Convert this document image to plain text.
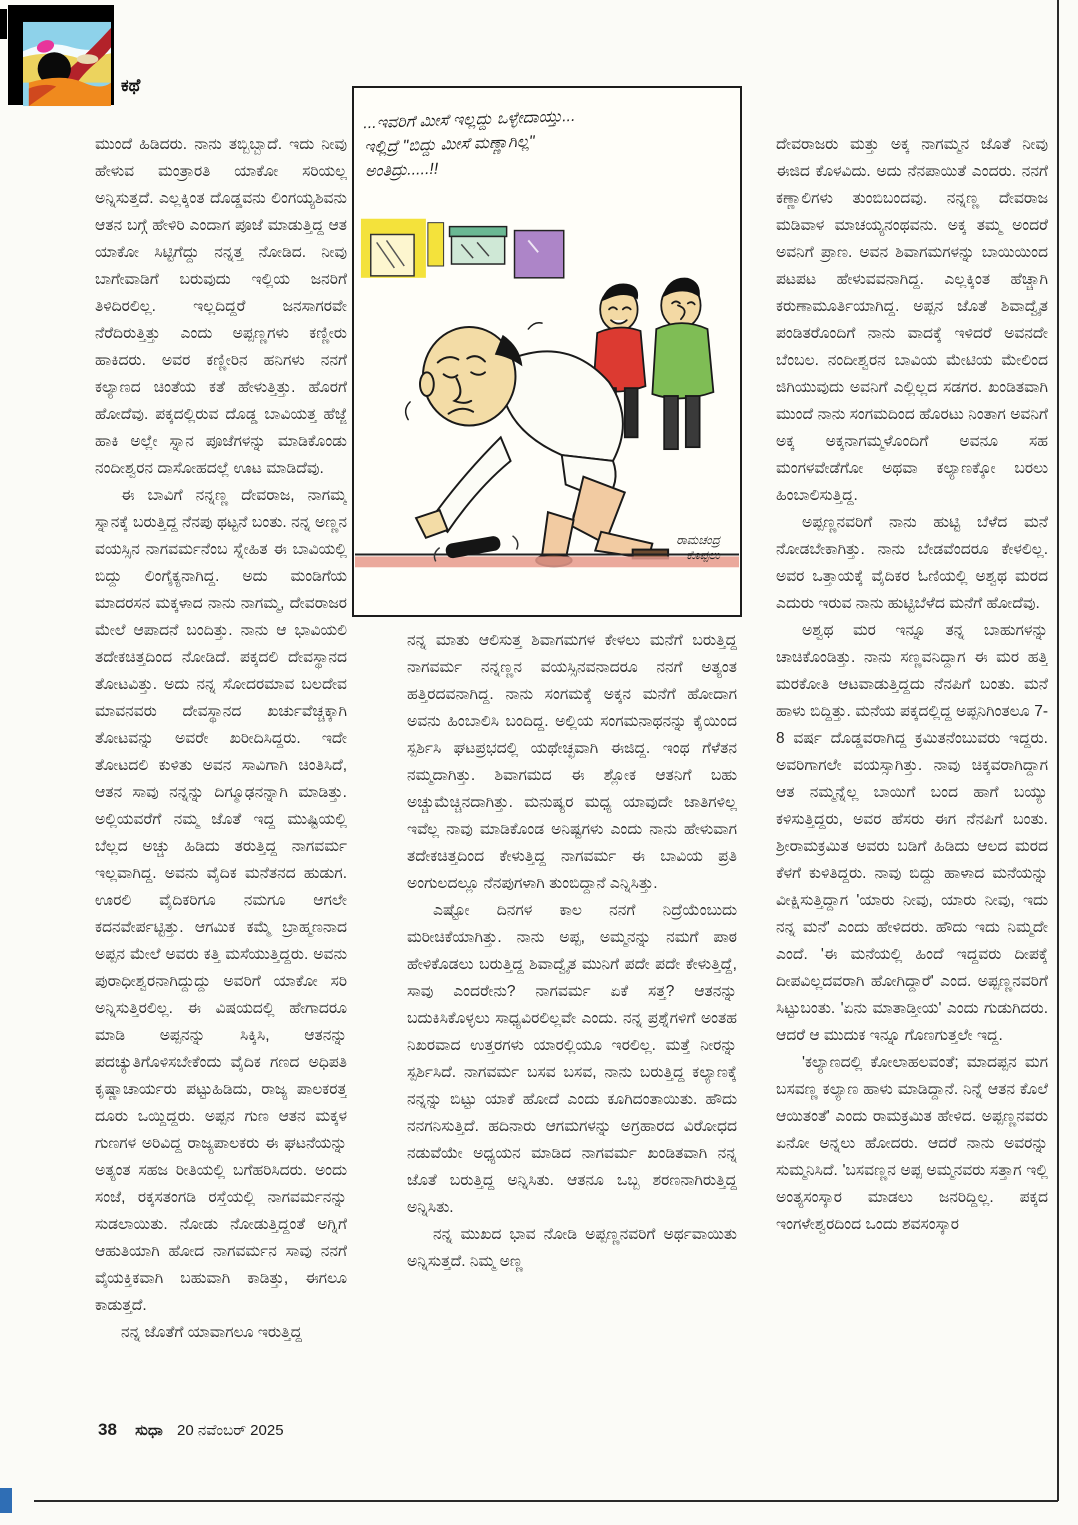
ಕಥೆ
...ಇವರಿಗೆ ಮೀಸೆ ಇಲ್ಲದ್ದು ಒಳ್ಳೇದಾಯ್ತು...
ಇಲ್ಲಿದ್ರೆ "ಬಿದ್ದು ಮೀಸೆ ಮಣ್ಣಾಗಿಲ್ಲ"
ಅಂತಿದ್ರು.....!!
ರಾಮಚಂದ್ರ
ಕೊಪ್ಪಲು

ಮುಂದೆ ಹಿಡಿದರು. ನಾನು ತಬ್ಬಿಬ್ಬಾದೆ. ಇದು ನೀವು ಹೇಳುವ ಮಂತ್ರಾರತಿ ಯಾಕೋ ಸರಿಯಲ್ಲ ಅನ್ನಿಸುತ್ತದೆ. ಎಲ್ಲಕ್ಕಿಂತ ದೊಡ್ಡವನು ಲಿಂಗಯ್ಯಶಿವನು ಆತನ ಬಗ್ಗೆ ಹೇಳಿರಿ ಎಂದಾಗ ಪೂಜೆ ಮಾಡುತ್ತಿದ್ದ ಆತ ಯಾಕೋ ಸಿಟ್ಟಿಗೆದ್ದು ನನ್ನತ್ತ ನೋಡಿದ. ನೀವು ಬಾಗೇವಾಡಿಗೆ ಬರುವುದು ಇಲ್ಲಿಯ ಜನರಿಗೆ ತಿಳಿದಿರಲಿಲ್ಲ. ಇಲ್ಲದಿದ್ದರೆ ಜನಸಾಗರವೇ ನೆರೆದಿರುತ್ತಿತ್ತು ಎಂದು ಅಪ್ಪಣ್ಣಗಳು ಕಣ್ಣೀರು ಹಾಕಿದರು. ಅವರ ಕಣ್ಣೀರಿನ ಹನಿಗಳು ನನಗೆ ಕಲ್ಯಾಣದ ಚಿಂತೆಯ ಕತೆ ಹೇಳುತ್ತಿತ್ತು. ಹೊರಗೆ ಹೋದೆವು. ಪಕ್ಕದಲ್ಲಿರುವ ದೊಡ್ಡ ಬಾವಿಯತ್ತ ಹೆಜ್ಜೆ ಹಾಕಿ ಅಲ್ಲೇ ಸ್ನಾನ ಪೂಜೆಗಳನ್ನು ಮಾಡಿಕೊಂಡು ನಂದೀಶ್ವರನ ದಾಸೋಹದಲ್ಲೆ ಊಟ ಮಾಡಿದೆವು.

ಈ ಬಾವಿಗೆ ನನ್ನಣ್ಣ ದೇವರಾಜ, ನಾಗಮ್ಮ ಸ್ನಾನಕ್ಕೆ ಬರುತ್ತಿದ್ದ ನೆನಪು ಥಟ್ಟನೆ ಬಂತು. ನನ್ನ ಅಣ್ಣನ ವಯಸ್ಸಿನ ನಾಗವರ್ಮನೆಂಬ ಸ್ನೇಹಿತ ಈ ಬಾವಿಯಲ್ಲಿ ಬಿದ್ದು ಲಿಂಗೈಕ್ಯನಾಗಿದ್ದ. ಅದು ಮಂಡಿಗೆಯ ಮಾದರಸನ ಮಕ್ಕಳಾದ ನಾನು ನಾಗಮ್ಮ, ದೇವರಾಜರ ಮೇಲೆ ಆಪಾದನೆ ಬಂದಿತ್ತು. ನಾನು ಆ ಭಾವಿಯಲಿ ತದೇಕಚಿತ್ತದಿಂದ ನೋಡಿದೆ. ಪಕ್ಕದಲಿ ದೇವಸ್ಥಾನದ ತೋಟವಿತ್ತು. ಅದು ನನ್ನ ಸೋದರಮಾವ ಬಲದೇವ ಮಾವನವರು ದೇವಸ್ಥಾನದ ಖರ್ಚುವೆಚ್ಚಕ್ಕಾಗಿ ತೋಟವನ್ನು ಅವರೇ ಖರೀದಿಸಿದ್ದರು. ಇದೇ ತೋಟದಲಿ ಕುಳಿತು ಅವನ ಸಾವಿಗಾಗಿ ಚಿಂತಿಸಿದೆ, ಆತನ ಸಾವು ನನ್ನನ್ನು ದಿಗ್ಮೂಢನನ್ನಾಗಿ ಮಾಡಿತ್ತು. ಅಲ್ಲಿಯವರೆಗೆ ನಮ್ಮ ಜೊತೆ ಇದ್ದ ಮುಷ್ಟಿಯಲ್ಲಿ ಬೆಲ್ಲದ ಅಚ್ಚು ಹಿಡಿದು ತರುತ್ತಿದ್ದ ನಾಗವರ್ಮ ಇಲ್ಲವಾಗಿದ್ದ. ಅವನು ವೈದಿಕ ಮನೆತನದ ಹುಡುಗ. ಊರಲಿ ವೈದಿಕರಿಗೂ ನಮಗೂ ಆಗಲೇ ಕದನವೇರ್ಪಟ್ಟಿತ್ತು. ಆಗಮಿಕ ಕಮ್ಮೆ ಬ್ರಾಹ್ಮಣನಾದ ಅಪ್ಪನ ಮೇಲೆ ಅವರು ಕತ್ತಿ ಮಸೆಯುತ್ತಿದ್ದರು. ಅವನು ಪುರಾಧೀಶ್ವರನಾಗಿದ್ದುದ್ದು ಅವರಿಗೆ ಯಾಕೋ ಸರಿ ಅನ್ನಿಸುತ್ತಿರಲಿಲ್ಲ. ಈ ವಿಷಯದಲ್ಲಿ ಹೇಗಾದರೂ ಮಾಡಿ ಅಪ್ಪನನ್ನು ಸಿಕ್ಕಿಸಿ, ಆತನನ್ನು ಪದಚ್ಯುತಿಗೊಳಿಸಬೇಕೆಂದು ವೈದಿಕ ಗಣದ ಅಧಿಪತಿ ಕೃಷ್ಣಾಚಾರ್ಯರು ಪಟ್ಟುಹಿಡಿದು, ರಾಜ್ಯ ಪಾಲಕರತ್ತ ದೂರು ಒಯ್ದಿದ್ದರು. ಅಪ್ಪನ ಗುಣ ಆತನ ಮಕ್ಕಳ ಗುಣಗಳ ಅರಿವಿದ್ದ ರಾಜ್ಯಪಾಲಕರು ಈ ಘಟನೆಯನ್ನು ಅತ್ಯಂತ ಸಹಜ ರೀತಿಯಲ್ಲಿ ಬಗೆಹರಿಸಿದರು. ಅಂದು ಸಂಜೆ, ರಕ್ಕಸತಂಗಡಿ ರಸ್ತೆಯಲ್ಲಿ ನಾಗವರ್ಮನನ್ನು ಸುಡಲಾಯಿತು. ನೋಡು ನೋಡುತ್ತಿದ್ದಂತೆ ಅಗ್ನಿಗೆ ಆಹುತಿಯಾಗಿ ಹೋದ ನಾಗವರ್ಮನ ಸಾವು ನನಗೆ ವೈಯಕ್ತಿಕವಾಗಿ ಬಹುವಾಗಿ ಕಾಡಿತ್ತು, ಈಗಲೂ ಕಾಡುತ್ತದೆ.

ನನ್ನ ಜೊತೆಗೆ ಯಾವಾಗಲೂ ಇರುತ್ತಿದ್ದ

ನನ್ನ ಮಾತು ಆಲಿಸುತ್ತ ಶಿವಾಗಮಗಳ ಕೇಳಲು ಮನೆಗೆ ಬರುತ್ತಿದ್ದ ನಾಗವರ್ಮ ನನ್ನಣ್ಣನ ವಯಸ್ಸಿನವನಾದರೂ ನನಗೆ ಅತ್ಯಂತ ಹತ್ತಿರದವನಾಗಿದ್ದ. ನಾನು ಸಂಗಮಕ್ಕೆ ಅಕ್ಕನ ಮನೆಗೆ ಹೋದಾಗ ಅವನು ಹಿಂಬಾಲಿಸಿ ಬಂದಿದ್ದ. ಅಲ್ಲಿಯ ಸಂಗಮನಾಥನನ್ನು ಕೈಯಿಂದ ಸ್ಪರ್ಶಿಸಿ ಘಟಪ್ರಭದಲ್ಲಿ ಯಥೇಚ್ಛವಾಗಿ ಈಜಿದ್ದ. ಇಂಥ ಗೆಳೆತನ ನಮ್ಮದಾಗಿತ್ತು. ಶಿವಾಗಮದ ಈ ಶ್ಲೋಕ ಆತನಿಗೆ ಬಹು ಅಚ್ಚುಮೆಚ್ಚಿನದಾಗಿತ್ತು. ಮನುಷ್ಯರ ಮಧ್ಯ ಯಾವುದೇ ಜಾತಿಗಳಿಲ್ಲ ಇವೆಲ್ಲ ನಾವು ಮಾಡಿಕೊಂಡ ಅನಿಷ್ಟಗಳು ಎಂದು ನಾನು ಹೇಳುವಾಗ ತದೇಕಚಿತ್ತದಿಂದ ಕೇಳುತ್ತಿದ್ದ ನಾಗವರ್ಮ ಈ ಬಾವಿಯ ಪ್ರತಿ ಅಂಗುಲದಲ್ಲೂ ನೆನಪುಗಳಾಗಿ ತುಂಬಿದ್ದಾನೆ ಎನ್ನಿಸಿತ್ತು.

ಎಷ್ಟೋ ದಿನಗಳ ಕಾಲ ನನಗೆ ನಿದ್ರೆಯೆಂಬುದು ಮರೀಚಿಕೆಯಾಗಿತ್ತು. ನಾನು ಅಪ್ಪ, ಅಮ್ಮನನ್ನು ನಮಗೆ ಪಾಠ ಹೇಳಿಕೊಡಲು ಬರುತ್ತಿದ್ದ ಶಿವಾದ್ವೈತ ಮುನಿಗೆ ಪದೇ ಪದೇ ಕೇಳುತ್ತಿದ್ದೆ, ಸಾವು ಎಂದರೇನು? ನಾಗವರ್ಮ ಏಕೆ ಸತ್ತ? ಆತನನ್ನು ಬದುಕಿಸಿಕೊಳ್ಳಲು ಸಾಧ್ಯವಿರಲಿಲ್ಲವೇ ಎಂದು. ನನ್ನ ಪ್ರಶ್ನೆಗಳಿಗೆ ಅಂತಹ ನಿಖರವಾದ ಉತ್ತರಗಳು ಯಾರಲ್ಲಿಯೂ ಇರಲಿಲ್ಲ. ಮತ್ತೆ ನೀರನ್ನು ಸ್ಪರ್ಶಿಸಿದೆ. ನಾಗವರ್ಮ ಬಸವ ಬಸವ, ನಾನು ಬರುತ್ತಿದ್ದ ಕಲ್ಯಾಣಕ್ಕೆ ನನ್ನನ್ನು ಬಿಟ್ಟು ಯಾಕೆ ಹೋದೆ ಎಂದು ಕೂಗಿದಂತಾಯಿತು. ಹೌದು ನನಗನಿಸುತ್ತಿದೆ. ಹದಿನಾರು ಆಗಮಗಳನ್ನು ಅಗ್ರಹಾರದ ವಿರೋಧದ ನಡುವೆಯೇ ಅಧ್ಯಯನ ಮಾಡಿದ ನಾಗವರ್ಮ ಖಂಡಿತವಾಗಿ ನನ್ನ ಜೊತೆ ಬರುತ್ತಿದ್ದ ಅನ್ನಿಸಿತು. ಆತನೂ ಒಬ್ಬ ಶರಣನಾಗಿರುತ್ತಿದ್ದ ಅನ್ನಿಸಿತು.

ನನ್ನ ಮುಖದ ಭಾವ ನೋಡಿ ಅಪ್ಪಣ್ಣನವರಿಗೆ ಅರ್ಥವಾಯಿತು ಅನ್ನಿಸುತ್ತದೆ. ನಿಮ್ಮ ಅಣ್ಣ

ದೇವರಾಜರು ಮತ್ತು ಅಕ್ಕ ನಾಗಮ್ಮನ ಜೊತೆ ನೀವು ಈಜಿದ ಕೊಳವಿದು. ಅದು ನೆನಪಾಯಿತೆ ಎಂದರು. ನನಗೆ ಕಣ್ಣಾಲಿಗಳು ತುಂಬಿಬಂದವು. ನನ್ನಣ್ಣ ದೇವರಾಜ ಮಡಿವಾಳ ಮಾಚಯ್ಯನಂಥವನು. ಅಕ್ಕ ತಮ್ಮ ಅಂದರೆ ಅವನಿಗೆ ಪ್ರಾಣ. ಅವನ ಶಿವಾಗಮಗಳನ್ನು ಬಾಯಿಯಿಂದ ಪಟಪಟ ಹೇಳುವವನಾಗಿದ್ದ. ಎಲ್ಲಕ್ಕಿಂತ ಹೆಚ್ಚಾಗಿ ಕರುಣಾಮೂರ್ತಿಯಾಗಿದ್ದ. ಅಪ್ಪನ ಜೊತೆ ಶಿವಾದ್ವೈತ ಪಂಡಿತರೊಂದಿಗೆ ನಾನು ವಾದಕ್ಕೆ ಇಳಿದರೆ ಅವನದೇ ಬೆಂಬಲ. ನಂದೀಶ್ವರನ ಬಾವಿಯ ಮೇಟಿಯ ಮೇಲಿಂದ ಜಿಗಿಯುವುದು ಅವನಿಗೆ ಎಲ್ಲಿಲ್ಲದ ಸಡಗರ. ಖಂಡಿತವಾಗಿ ಮುಂದೆ ನಾನು ಸಂಗಮದಿಂದ ಹೊರಟು ನಿಂತಾಗ ಅವನಿಗೆ ಅಕ್ಕ ಅಕ್ಕನಾಗಮ್ಮಳೊಂದಿಗೆ ಅವನೂ ಸಹ ಮಂಗಳವೇಡೆಗೋ ಅಥವಾ ಕಲ್ಯಾಣಕ್ಕೋ ಬರಲು ಹಿಂಬಾಲಿಸುತ್ತಿದ್ದ.

ಅಪ್ಪಣ್ಣನವರಿಗೆ ನಾನು ಹುಟ್ಟಿ ಬೆಳೆದ ಮನೆ ನೋಡಬೇಕಾಗಿತ್ತು. ನಾನು ಬೇಡವೆಂದರೂ ಕೇಳಲಿಲ್ಲ. ಅವರ ಒತ್ತಾಯಕ್ಕೆ ವೈದಿಕರ ಓಣಿಯಲ್ಲಿ ಅಶ್ವಥ ಮರದ ಎದುರು ಇರುವ ನಾನು ಹುಟ್ಟಿಬೆಳೆದ ಮನೆಗೆ ಹೋದೆವು.

ಅಶ್ವಥ ಮರ ಇನ್ನೂ ತನ್ನ ಬಾಹುಗಳನ್ನು ಚಾಚಿಕೊಂಡಿತ್ತು. ನಾನು ಸಣ್ಣವನಿದ್ದಾಗ ಈ ಮರ ಹತ್ತಿ ಮರಕೋತಿ ಆಟವಾಡುತ್ತಿದ್ದದು ನೆನಪಿಗೆ ಬಂತು. ಮನೆ ಹಾಳು ಬಿದ್ದಿತ್ತು. ಮನೆಯ ಪಕ್ಕದಲ್ಲಿದ್ದ ಅಪ್ಪನಿಗಿಂತಲೂ 7-8 ವರ್ಷ ದೊಡ್ಡವರಾಗಿದ್ದ ಕ್ರಮಿತನೆಂಬುವರು ಇದ್ದರು. ಅವರಿಗಾಗಲೇ ವಯಸ್ಸಾಗಿತ್ತು. ನಾವು ಚಿಕ್ಕವರಾಗಿದ್ದಾಗ ಆತ ನಮ್ಮನ್ನೆಲ್ಲ ಬಾಯಿಗೆ ಬಂದ ಹಾಗೆ ಬಯ್ಯು ಕಳಿಸುತ್ತಿದ್ದರು, ಅವರ ಹೆಸರು ಈಗ ನೆನಪಿಗೆ ಬಂತು. ಶ್ರೀರಾಮಕ್ರಮಿತ ಅವರು ಬಡಿಗೆ ಹಿಡಿದು ಆಲದ ಮರದ ಕೆಳಗೆ ಕುಳಿತಿದ್ದರು. ನಾವು ಬಿದ್ದು ಹಾಳಾದ ಮನೆಯನ್ನು ವೀಕ್ಷಿಸುತ್ತಿದ್ದಾಗ 'ಯಾರು ನೀವು, ಯಾರು ನೀವು, ಇದು ನನ್ನ ಮನೆ' ಎಂದು ಹೇಳಿದರು. ಹೌದು ಇದು ನಿಮ್ಮದೇ ಎಂದೆ. 'ಈ ಮನೆಯಲ್ಲಿ ಹಿಂದೆ ಇದ್ದವರು ದೀಪಕ್ಕೆ ದೀಪವಿಲ್ಲದವರಾಗಿ ಹೋಗಿದ್ದಾರೆ' ಎಂದ. ಅಪ್ಪಣ್ಣನವರಿಗೆ ಸಿಟ್ಟುಬಂತು. 'ಏನು ಮಾತಾಡ್ತೀಯ' ಎಂದು ಗುಡುಗಿದರು. ಆದರೆ ಆ ಮುದುಕ ಇನ್ನೂ ಗೊಣಗುತ್ತಲೇ ಇದ್ದ.

'ಕಲ್ಯಾಣದಲ್ಲಿ ಕೋಲಾಹಲವಂತೆ; ಮಾದಪ್ಪನ ಮಗ ಬಸವಣ್ಣ ಕಲ್ಯಾಣ ಹಾಳು ಮಾಡಿದ್ದಾನೆ. ನಿನ್ನೆ ಆತನ ಕೊಲೆ ಆಯಿತಂತೆ' ಎಂದು ರಾಮಕ್ರಮಿತ ಹೇಳಿದ. ಅಪ್ಪಣ್ಣನವರು ಏನೋ ಅನ್ನಲು ಹೋದರು. ಆದರೆ ನಾನು ಅವರನ್ನು ಸುಮ್ಮನಿಸಿದೆ. 'ಬಸವಣ್ಣನ ಅಪ್ಪ ಅಮ್ಮನವರು ಸತ್ತಾಗ ಇಲ್ಲಿ ಅಂತ್ಯಸಂಸ್ಕಾರ ಮಾಡಲು ಜನರಿದ್ದಿಲ್ಲ. ಪಕ್ಕದ ಇಂಗಳೇಶ್ವರದಿಂದ ಒಂದು ಶವಸಂಸ್ಕಾರ

38 ಸುಧಾ 20 ನವೆಂಬರ್ 2025
